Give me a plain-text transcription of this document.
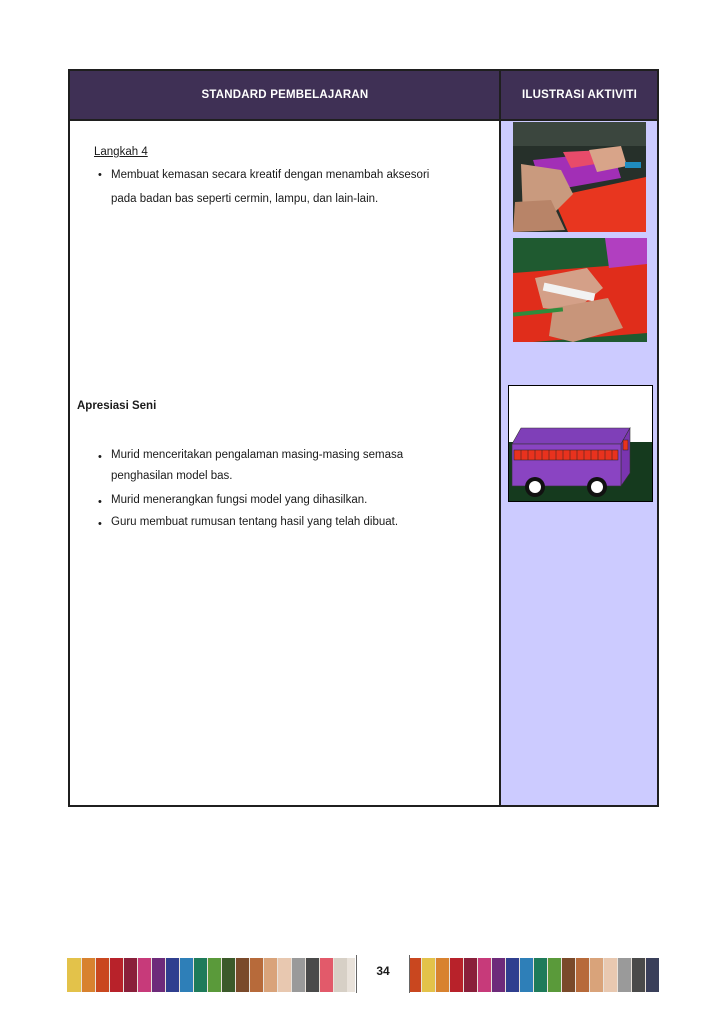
STANDARD PEMBELAJARAN	ILUSTRASI AKTIVITI
Langkah 4
• Membuat kemasan secara kreatif dengan menambah aksesori
pada badan bas seperti cermin, lampu, dan lain-lain.
Apresiasi Seni
• Murid menceritakan pengalaman masing-masing semasa
penghasilan model bas.
• Murid menerangkan fungsi model yang dihasilkan.
• Guru membuat rumusan tentang hasil yang telah dibuat.
34
